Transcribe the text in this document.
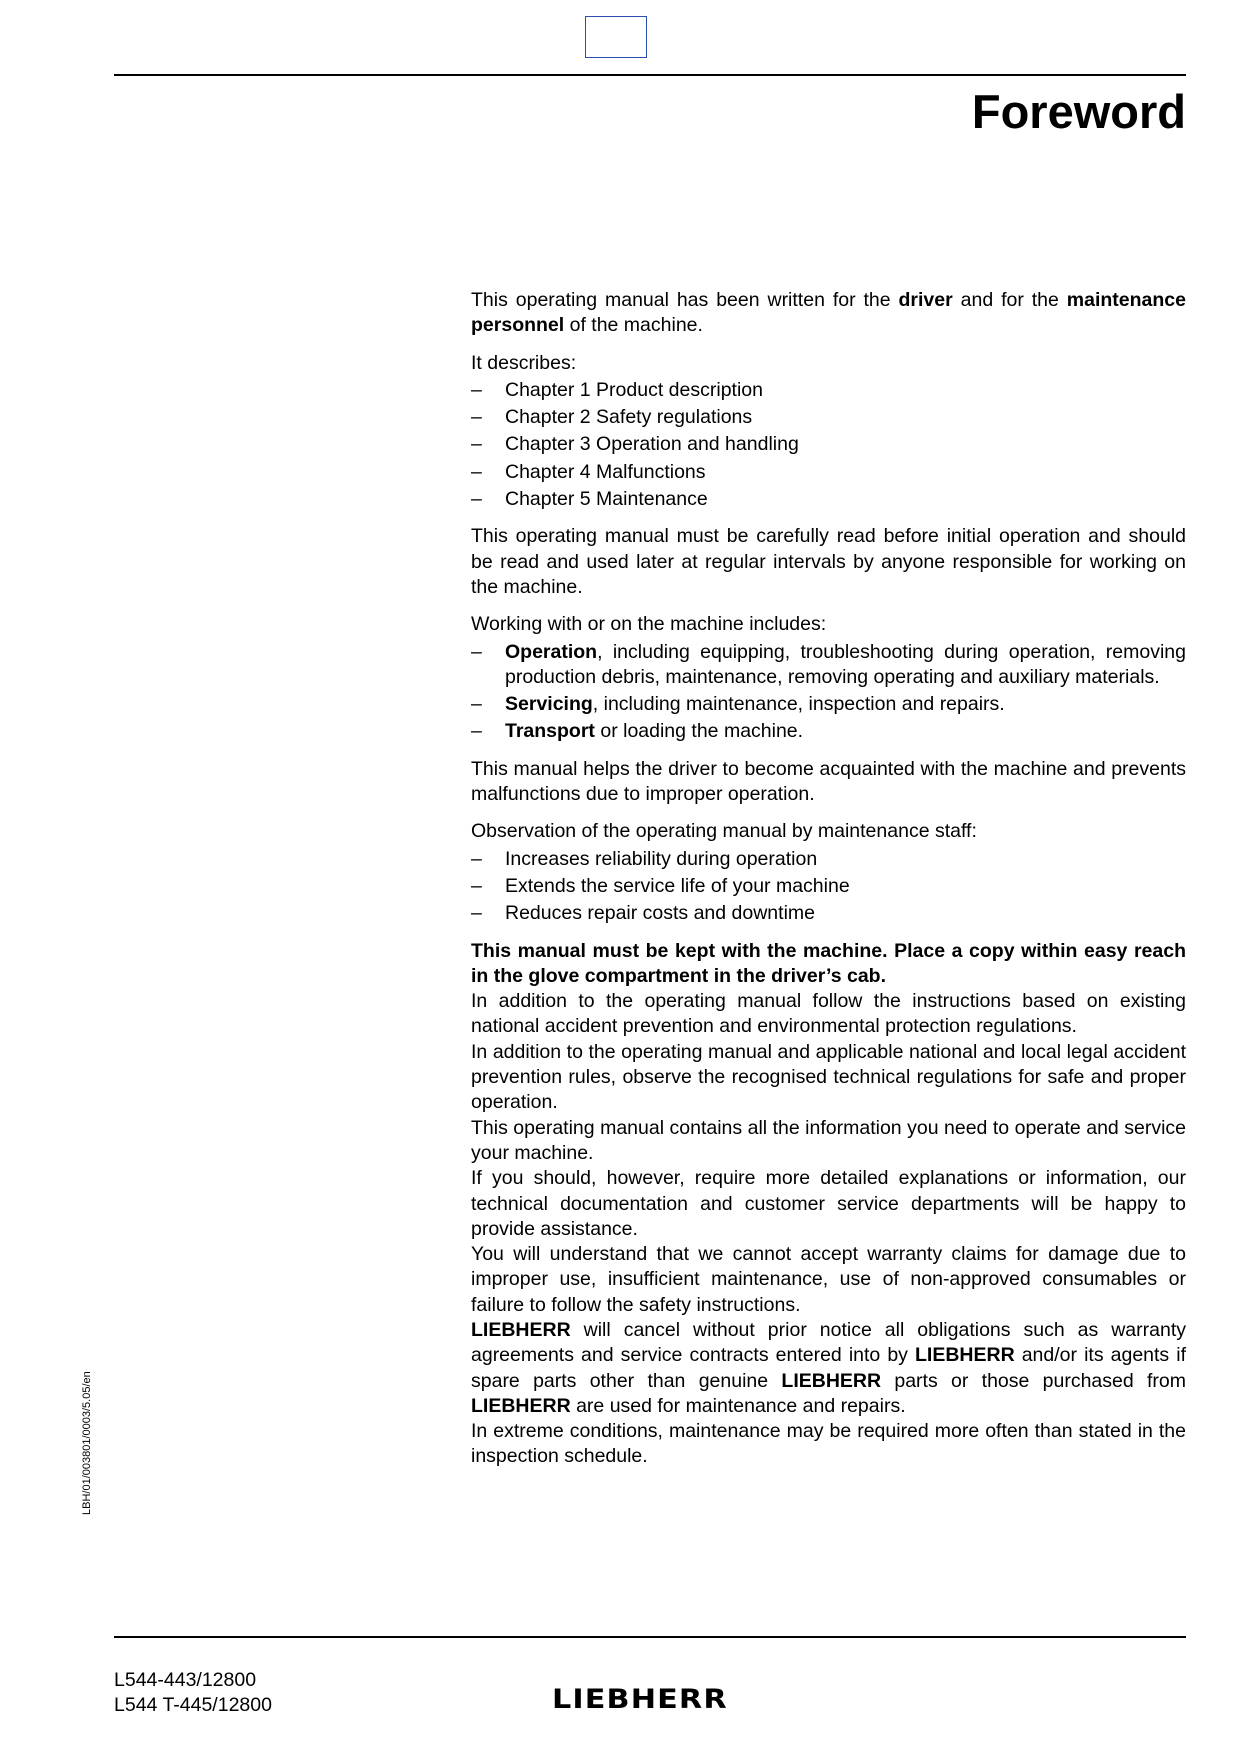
Foreword

LBH/01/003801/0003/5.05/en

This operating manual has been written for the driver and for the maintenance personnel of the machine.

It describes:

– Chapter 1 Product description
– Chapter 2 Safety regulations
– Chapter 3 Operation and handling
– Chapter 4 Malfunctions
– Chapter 5 Maintenance

This operating manual must be carefully read before initial operation and should be read and used later at regular intervals by anyone responsible for working on the machine.

Working with or on the machine includes:

– Operation, including equipping, troubleshooting during operation, removing production debris, maintenance, removing operating and auxiliary materials.
– Servicing, including maintenance, inspection and repairs.
– Transport or loading the machine.

This manual helps the driver to become acquainted with the machine and prevents malfunctions due to improper operation.

Observation of the operating manual by maintenance staff:

– Increases reliability during operation
– Extends the service life of your machine
– Reduces repair costs and downtime

This manual must be kept with the machine. Place a copy within easy reach in the glove compartment in the driver’s cab.

In addition to the operating manual follow the instructions based on existing national accident prevention and environmental protection regulations.

In addition to the operating manual and applicable national and local legal accident prevention rules, observe the recognised technical regulations for safe and proper operation.

This operating manual contains all the information you need to operate and service your machine.

If you should, however, require more detailed explanations or information, our technical documentation and customer service departments will be happy to provide assistance.

You will understand that we cannot accept warranty claims for damage due to improper use, insufficient maintenance, use of non-approved consumables or failure to follow the safety instructions.

LIEBHERR will cancel without prior notice all obligations such as warranty agreements and service contracts entered into by LIEBHERR and/or its agents if spare parts other than genuine LIEBHERR parts or those purchased from LIEBHERR are used for maintenance and repairs.

In extreme conditions, maintenance may be required more often than stated in the inspection schedule.

L544-443/12800
L544 T-445/12800	LIEBHERR
